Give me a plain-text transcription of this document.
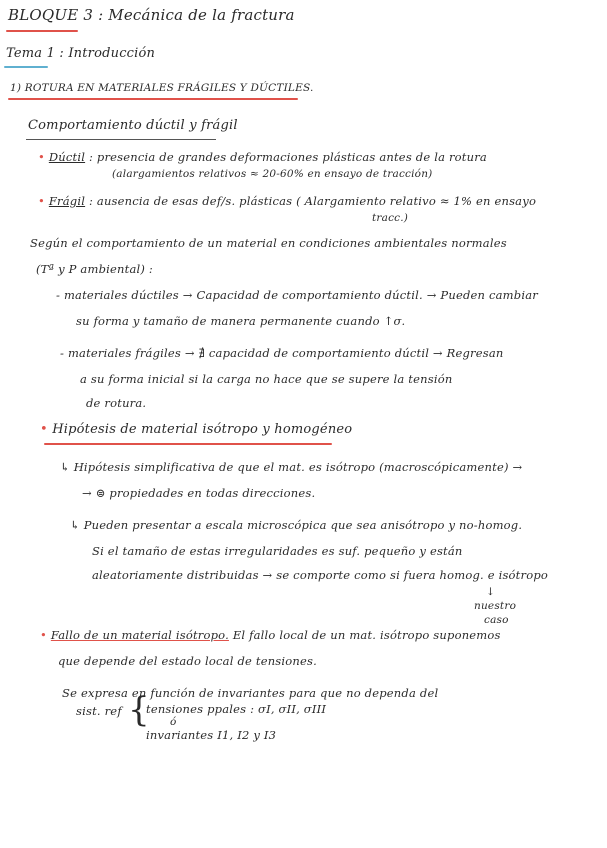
BLOQUE 3 : Mecánica de la fractura
Tema 1 : Introducción
1) ROTURA EN MATERIALES FRÁGILES Y DÚCTILES.
Comportamiento dúctil y frágil
• Dúctil : presencia de grandes deformaciones plásticas antes de la rotura
(alargamientos relativos ≈ 20-60% en ensayo de tracción)
• Frágil : ausencia de esas def/s. plásticas ( Alargamiento relativo ≈ 1% en ensayo
tracc.)
Según el comportamiento de un material en condiciones ambientales normales
(Tª y P ambiental) :
- materiales dúctiles → Capacidad de comportamiento dúctil. → Pueden cambiar
su forma y tamaño de manera permanente cuando ↑σ.
- materiales frágiles → ∄ capacidad de comportamiento dúctil → Regresan
a su forma inicial si la carga no hace que se supere la tensión
de rotura.
• Hipótesis de material isótropo y homogéneo
↳ Hipótesis simplificativa de que el mat. es isótropo (macroscópicamente) →
→ ⊜ propiedades en todas direcciones.
↳ Pueden presentar a escala microscópica que sea anisótropo y no-homog.
Si el tamaño de estas irregularidades es suf. pequeño y están
aleatoriamente distribuidas → se comporte como si fuera homog. e isótropo
↓
nuestro
caso
• Fallo de un material isótropo. El fallo local de un mat. isótropo suponemos
que depende del estado local de tensiones.
Se expresa en función de invariantes para que no dependa del
sist. ref {
tensiones ppales : σI, σII, σIII
ó
invariantes I1, I2 y I3
